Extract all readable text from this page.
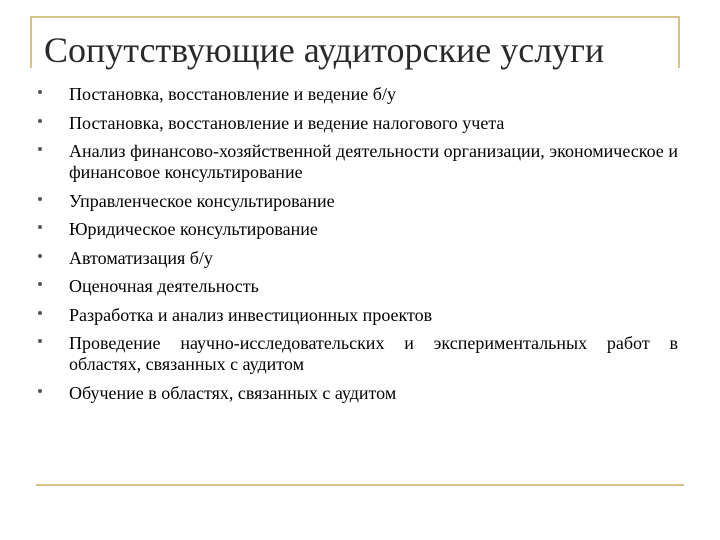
Сопутствующие аудиторские услуги
Постановка, восстановление и ведение б/у
Постановка, восстановление и ведение налогового учета
Анализ финансово-хозяйственной деятельности организации, экономическое и финансовое консультирование
Управленческое консультирование
Юридическое консультирование
Автоматизация б/у
Оценочная деятельность
Разработка и анализ инвестиционных проектов
Проведение научно-исследовательских и экспериментальных работ в областях, связанных с аудитом
Обучение в областях, связанных с аудитом
